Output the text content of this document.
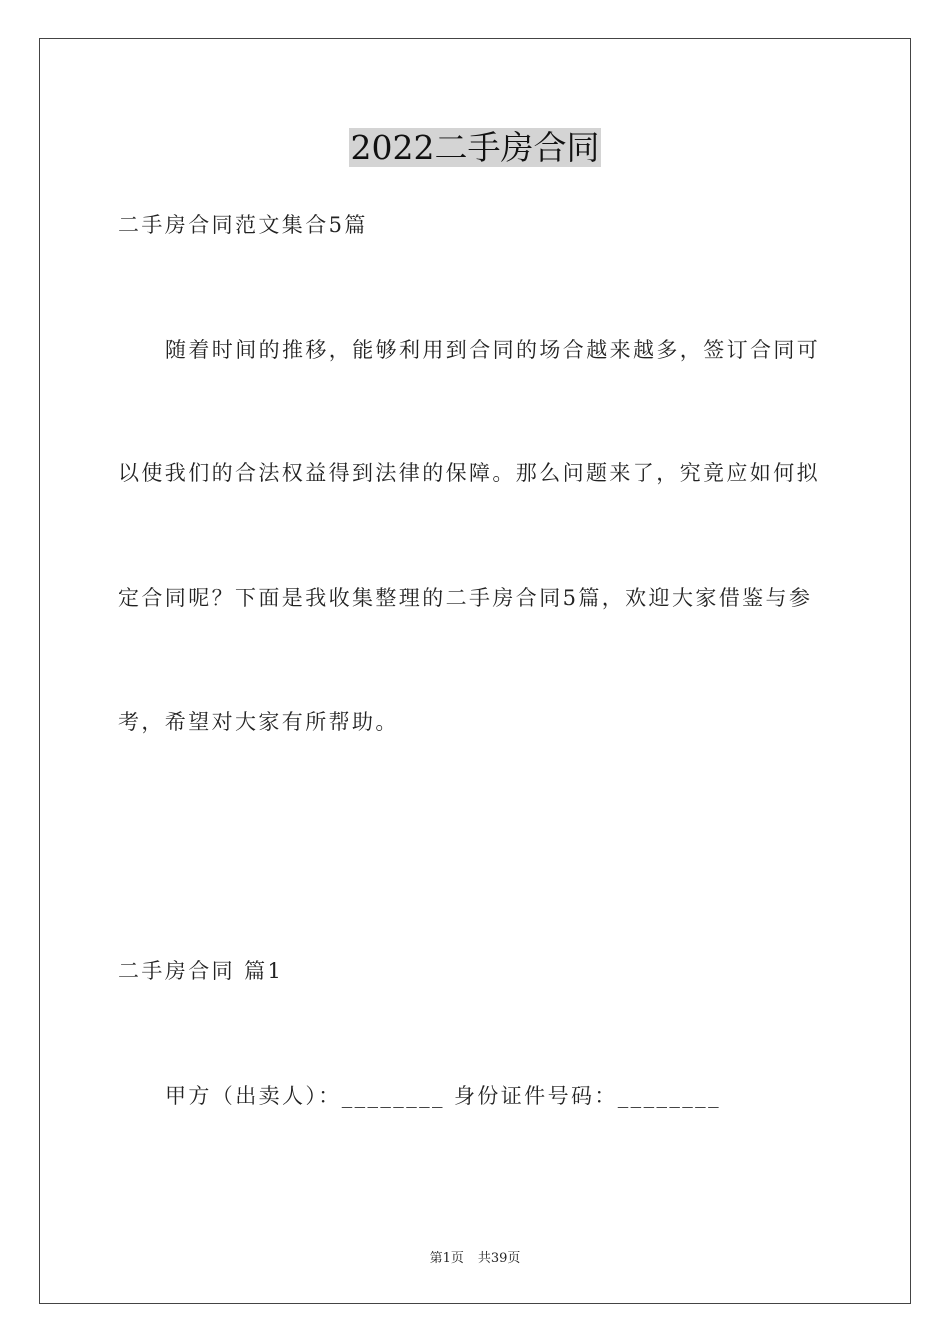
2022二手房合同
二手房合同范文集合5篇
随着时间的推移，能够利用到合同的场合越来越多，签订合同可
以使我们的合法权益得到法律的保障。那么问题来了，究竟应如何拟
定合同呢？下面是我收集整理的二手房合同5篇，欢迎大家借鉴与参
考，希望对大家有所帮助。
二手房合同 篇1
甲方（出卖人）：________ 身份证件号码：________
第1页 共39页
